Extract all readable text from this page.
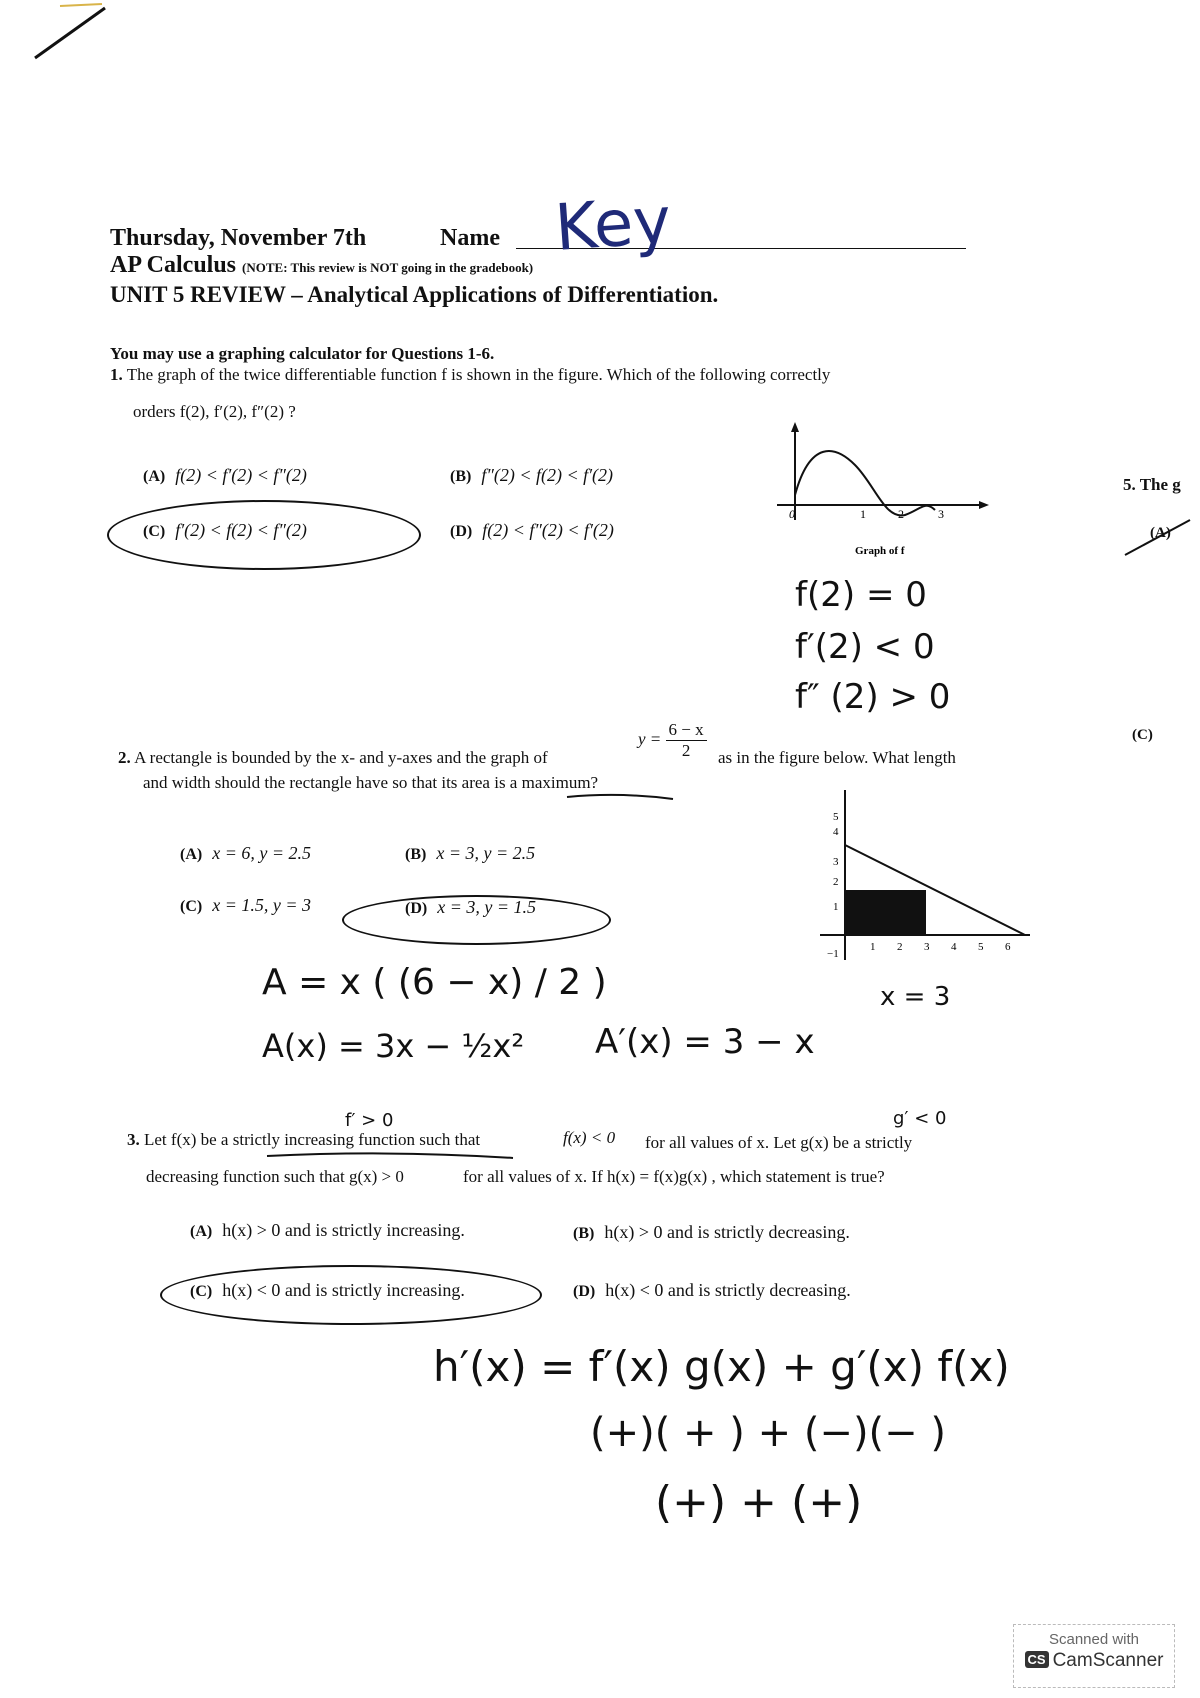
Thursday, November 7th	Name Key
AP Calculus (NOTE: This review is NOT going in the gradebook)
UNIT 5 REVIEW – Analytical Applications of Differentiation.
You may use a graphing calculator for Questions 1-6.
1. The graph of the twice differentiable function f is shown in the figure. Which of the following correctly
orders f(2), f′(2), f″(2) ?
(A) f(2) < f′(2) < f″(2)	(B) f″(2) < f(2) < f′(2)
(C) f′(2) < f(2) < f″(2)	(D) f(2) < f″(2) < f′(2)
0	1	2	3
Graph of f
f(2) = 0
f′(2) < 0
f″ (2) > 0
2. A rectangle is bounded by the x- and y-axes and the graph of
$y = \frac{6 - x}{2}$ as in the figure below. What length
and width should the rectangle have so that its area is a maximum?
(A) x = 6, y = 2.5	(B) x = 3, y = 2.5
(C) x = 1.5, y = 3	(D) x = 3, y = 1.5
5
4
3
2
1
−1
1 2 3 4 5 6
A = x ( (6 − x) / 2 )
A(x) = 3x − ½x² A′(x) = 3 − x
x = 3
f′ > 0	g′ < 0
3. Let f(x) be a strictly increasing function such that	f(x) < 0 for all values of x. Let g(x) be a strictly
decreasing function such that g(x) > 0	for all values of x. If h(x) = f(x)g(x) , which statement is true?
(A) h(x) > 0 and is strictly increasing.	(B) h(x) > 0 and is strictly decreasing.
(C) h(x) < 0 and is strictly increasing.	(D) h(x) < 0 and is strictly decreasing.
h′(x) = f′(x) g(x) + g′(x) f(x)
(+)( + ) + (−)(− )
(+) + (+)
5. The g
(A)
(C)
Scanned with
CS CamScanner
